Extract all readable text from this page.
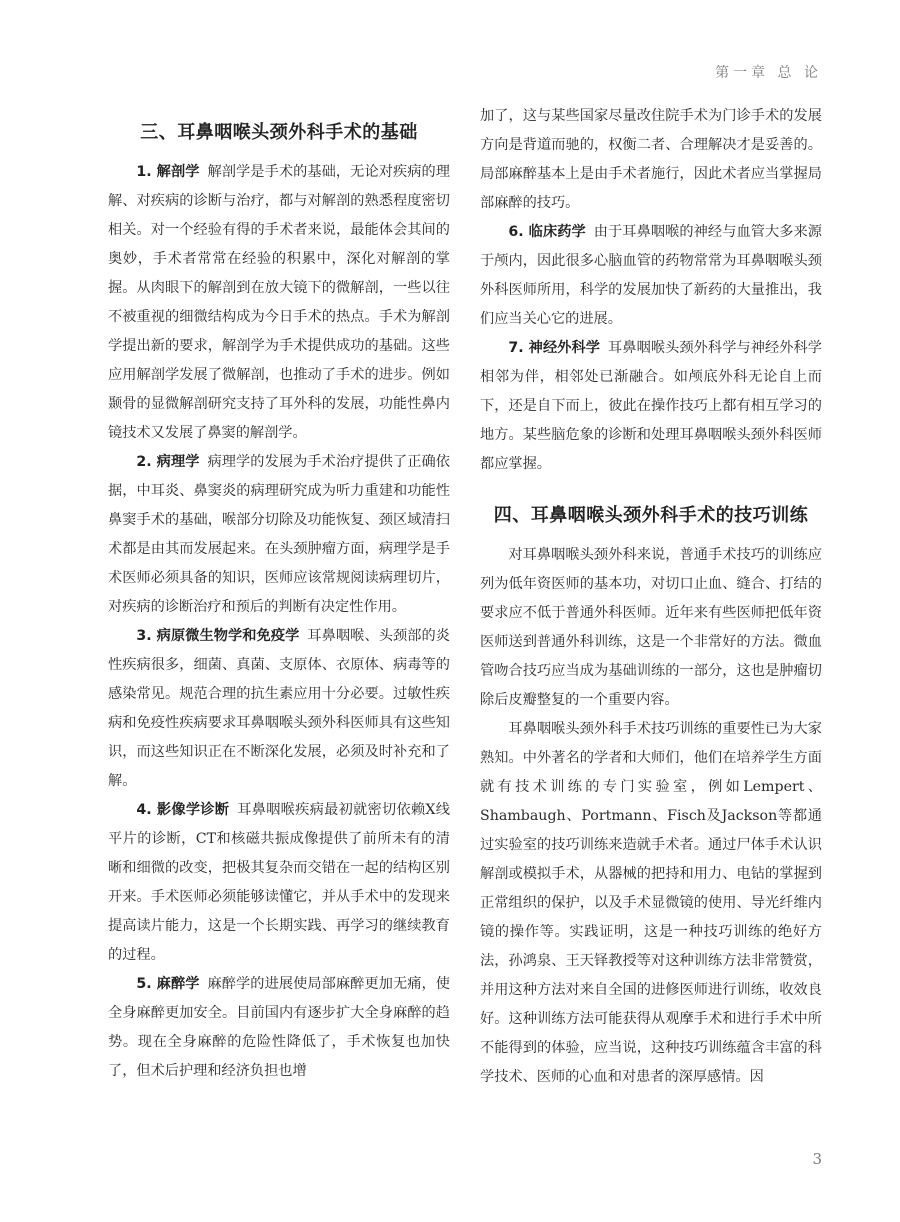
第一章 总 论
三、耳鼻咽喉头颈外科手术的基础

1. 解剖学 解剖学是手术的基础，无论对疾病的理解、对疾病的诊断与治疗，都与对解剖的熟悉程度密切相关。对一个经验有得的手术者来说，最能体会其间的奥妙，手术者常常在经验的积累中，深化对解剖的掌握。从肉眼下的解剖到在放大镜下的微解剖，一些以往不被重视的细微结构成为今日手术的热点。手术为解剖学提出新的要求，解剖学为手术提供成功的基础。这些应用解剖学发展了微解剖，也推动了手术的进步。例如颞骨的显微解剖研究支持了耳外科的发展，功能性鼻内镜技术又发展了鼻窦的解剖学。

2. 病理学 病理学的发展为手术治疗提供了正确依据，中耳炎、鼻窦炎的病理研究成为听力重建和功能性鼻窦手术的基础，喉部分切除及功能恢复、颈区域清扫术都是由其而发展起来。在头颈肿瘤方面，病理学是手术医师必须具备的知识，医师应该常规阅读病理切片，对疾病的诊断治疗和预后的判断有决定性作用。

3. 病原微生物学和免疫学 耳鼻咽喉、头颈部的炎性疾病很多，细菌、真菌、支原体、衣原体、病毒等的感染常见。规范合理的抗生素应用十分必要。过敏性疾病和免疫性疾病要求耳鼻咽喉头颈外科医师具有这些知识，而这些知识正在不断深化发展，必须及时补充和了解。

4. 影像学诊断 耳鼻咽喉疾病最初就密切依赖X线平片的诊断，CT和核磁共振成像提供了前所未有的清晰和细微的改变，把极其复杂而交错在一起的结构区别开来。手术医师必须能够读懂它，并从手术中的发现来提高读片能力，这是一个长期实践、再学习的继续教育的过程。

5. 麻醉学 麻醉学的进展使局部麻醉更加无痛，使全身麻醉更加安全。目前国内有逐步扩大全身麻醉的趋势。现在全身麻醉的危险性降低了，手术恢复也加快了，但术后护理和经济负担也增

加了，这与某些国家尽量改住院手术为门诊手术的发展方向是背道而驰的，权衡二者、合理解决才是妥善的。局部麻醉基本上是由手术者施行，因此术者应当掌握局部麻醉的技巧。

6. 临床药学 由于耳鼻咽喉的神经与血管大多来源于颅内，因此很多心脑血管的药物常常为耳鼻咽喉头颈外科医师所用，科学的发展加快了新药的大量推出，我们应当关心它的进展。

7. 神经外科学 耳鼻咽喉头颈外科学与神经外科学相邻为伴，相邻处已渐融合。如颅底外科无论自上而下，还是自下而上，彼此在操作技巧上都有相互学习的地方。某些脑危象的诊断和处理耳鼻咽喉头颈外科医师都应掌握。

四、耳鼻咽喉头颈外科手术的技巧训练

对耳鼻咽喉头颈外科来说，普通手术技巧的训练应列为低年资医师的基本功，对切口止血、缝合、打结的要求应不低于普通外科医师。近年来有些医师把低年资医师送到普通外科训练，这是一个非常好的方法。微血管吻合技巧应当成为基础训练的一部分，这也是肿瘤切除后皮瓣整复的一个重要内容。

耳鼻咽喉头颈外科手术技巧训练的重要性已为大家熟知。中外著名的学者和大师们，他们在培养学生方面就有技术训练的专门实验室，例如Lempert、Shambaugh、Portmann、Fisch及Jackson等都通过实验室的技巧训练来造就手术者。通过尸体手术认识解剖或模拟手术，从器械的把持和用力、电钻的掌握到正常组织的保护，以及手术显微镜的使用、导光纤维内镜的操作等。实践证明，这是一种技巧训练的绝好方法，孙鸿泉、王天铎教授等对这种训练方法非常赞赏，并用这种方法对来自全国的进修医师进行训练，收效良好。这种训练方法可能获得从观摩手术和进行手术中所不能得到的体验，应当说，这种技巧训练蕴含丰富的科学技术、医师的心血和对患者的深厚感情。因

3
